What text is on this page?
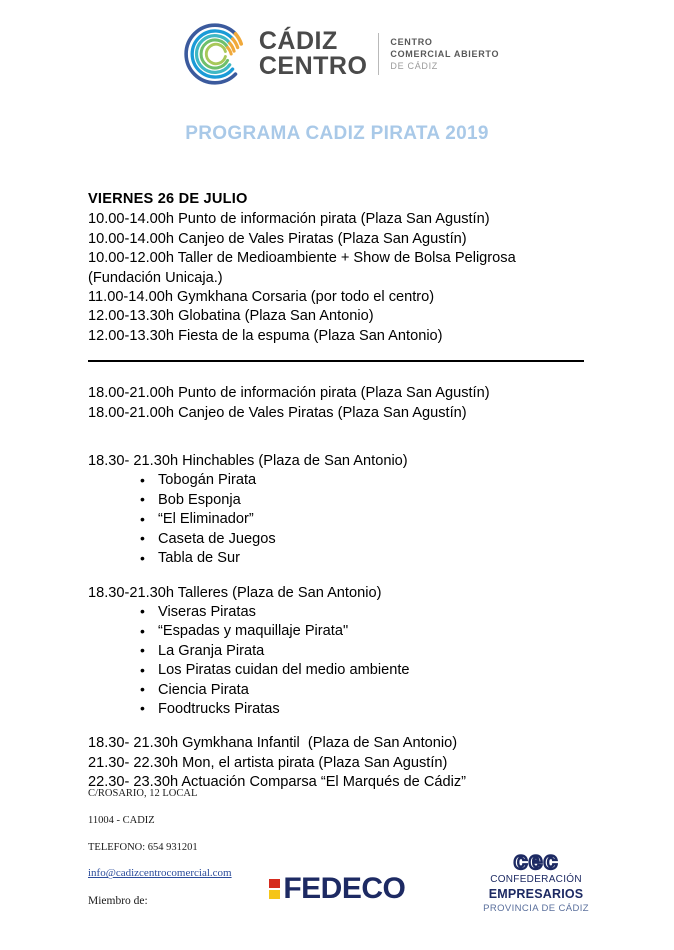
CÁDIZ
CENTRO
CENTRO
COMERCIAL ABIERTO
DE CÁDIZ
PROGRAMA CADIZ PIRATA 2019
VIERNES 26 DE JULIO
10.00-14.00h Punto de información pirata (Plaza San Agustín)
10.00-14.00h Canjeo de Vales Piratas (Plaza San Agustín)
10.00-12.00h Taller de Medioambiente + Show de Bolsa Peligrosa
(Fundación Unicaja.)
11.00-14.00h Gymkhana Corsaria (por todo el centro)
12.00-13.30h Globatina (Plaza San Antonio)
12.00-13.30h Fiesta de la espuma (Plaza San Antonio)
18.00-21.00h Punto de información pirata (Plaza San Agustín)
18.00-21.00h Canjeo de Vales Piratas (Plaza San Agustín)
18.30- 21.30h Hinchables (Plaza de San Antonio)
• Tobogán Pirata
• Bob Esponja
• “El Eliminador”
• Caseta de Juegos
• Tabla de Sur
18.30-21.30h Talleres (Plaza de San Antonio)
• Viseras Piratas
• “Espadas y maquillaje Pirata"
• La Granja Pirata
• Los Piratas cuidan del medio ambiente
• Ciencia Pirata
• Foodtrucks Piratas
18.30- 21.30h Gymkhana Infantil  (Plaza de San Antonio)
21.30- 22.30h Mon, el artista pirata (Plaza San Agustín)
22.30- 23.30h Actuación Comparsa “El Marqués de Cádiz”

C/ROSARIO, 12 LOCAL

11004 - CADIZ

TELEFONO: 654 931201

info@cadizcentrocomercial.com

Miembro de:	FEDECO
cec
CONFEDERACIÓN
EMPRESARIOS
PROVINCIA DE CÁDIZ
